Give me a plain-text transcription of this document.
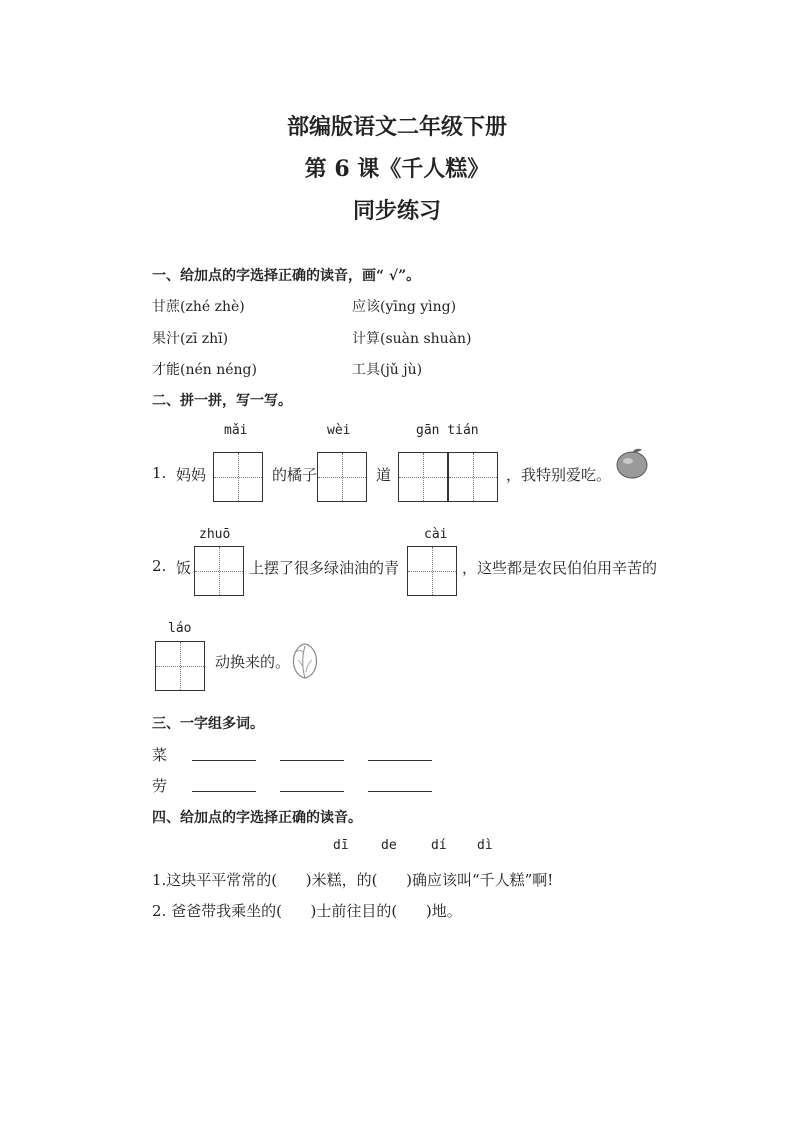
部编版语文二年级下册
第 6 课《千人糕》
同步练习
一、给加点的字选择正确的读音，画“ √”。
甘蔗(zhé zhè)	应该(yīng yìng)
果汁(zī zhī)	计算(suàn shuàn)
才能(nén néng)	工具(jǔ jù)
二、拼一拼，写一写。
mǎi	wèi	gān tián
1. 妈妈	的橘子	道	，我特别爱吃。
zhuō	cài
2. 饭	上摆了很多绿油油的青	，这些都是农民伯伯用辛苦的
láo
动换来的。
三、一字组多词。
菜
劳
四、给加点的字选择正确的读音。
dī de	dí dì
1.这块平平常常的(      )米糕，的(      )确应该叫“千人糕”啊!
2. 爸爸带我乘坐的(      )士前往目的(      )地。
